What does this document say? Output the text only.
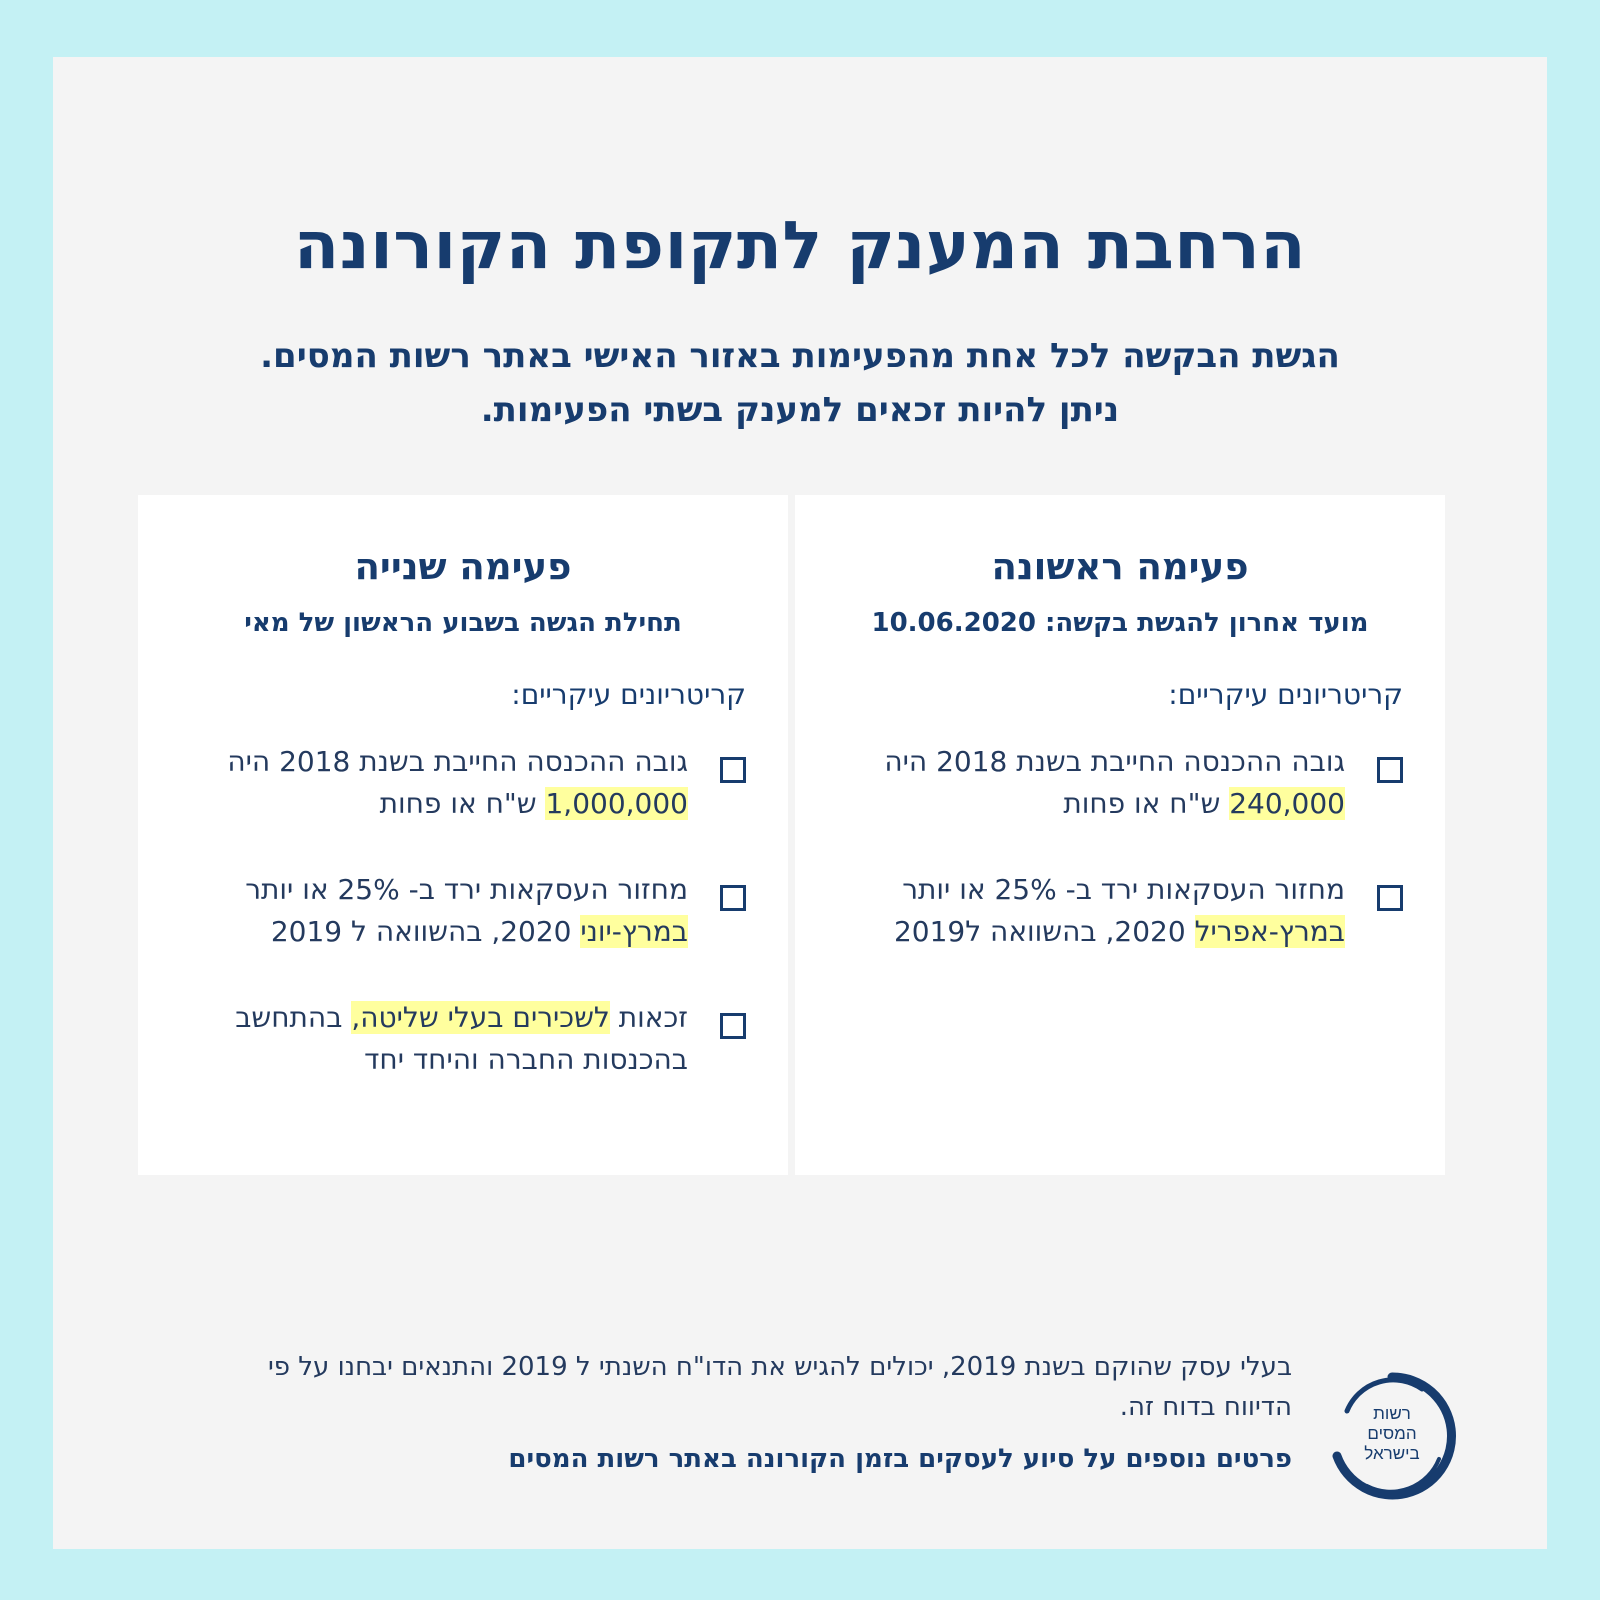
הרחבת המענק לתקופת הקורונה
הגשת הבקשה לכל אחת מהפעימות באזור האישי באתר רשות המסים.
ניתן להיות זכאים למענק בשתי הפעימות.
פעימה ראשונה
מועד אחרון להגשת בקשה: 10.06.2020
קריטריונים עיקריים:
גובה ההכנסה החייבת בשנת 2018 היה 240,000 ש"ח או פחות
מחזור העסקאות ירד ב- 25% או יותר במרץ-אפריל 2020, בהשוואה ל2019
פעימה שנייה
תחילת הגשה בשבוע הראשון של מאי
קריטריונים עיקריים:
גובה ההכנסה החייבת בשנת 2018 היה 1,000,000 ש"ח או פחות
מחזור העסקאות ירד ב- 25% או יותר במרץ-יוני 2020, בהשוואה ל 2019
זכאות לשכירים בעלי שליטה, בהתחשב בהכנסות החברה והיחד יחד
בעלי עסק שהוקם בשנת 2019, יכולים להגיש את הדו"ח השנתי ל 2019 והתנאים יבחנו על פי הדיווח בדוח זה.
פרטים נוספים על סיוע לעסקים בזמן הקורונה באתר רשות המסים
רשות
המסים
בישראל
